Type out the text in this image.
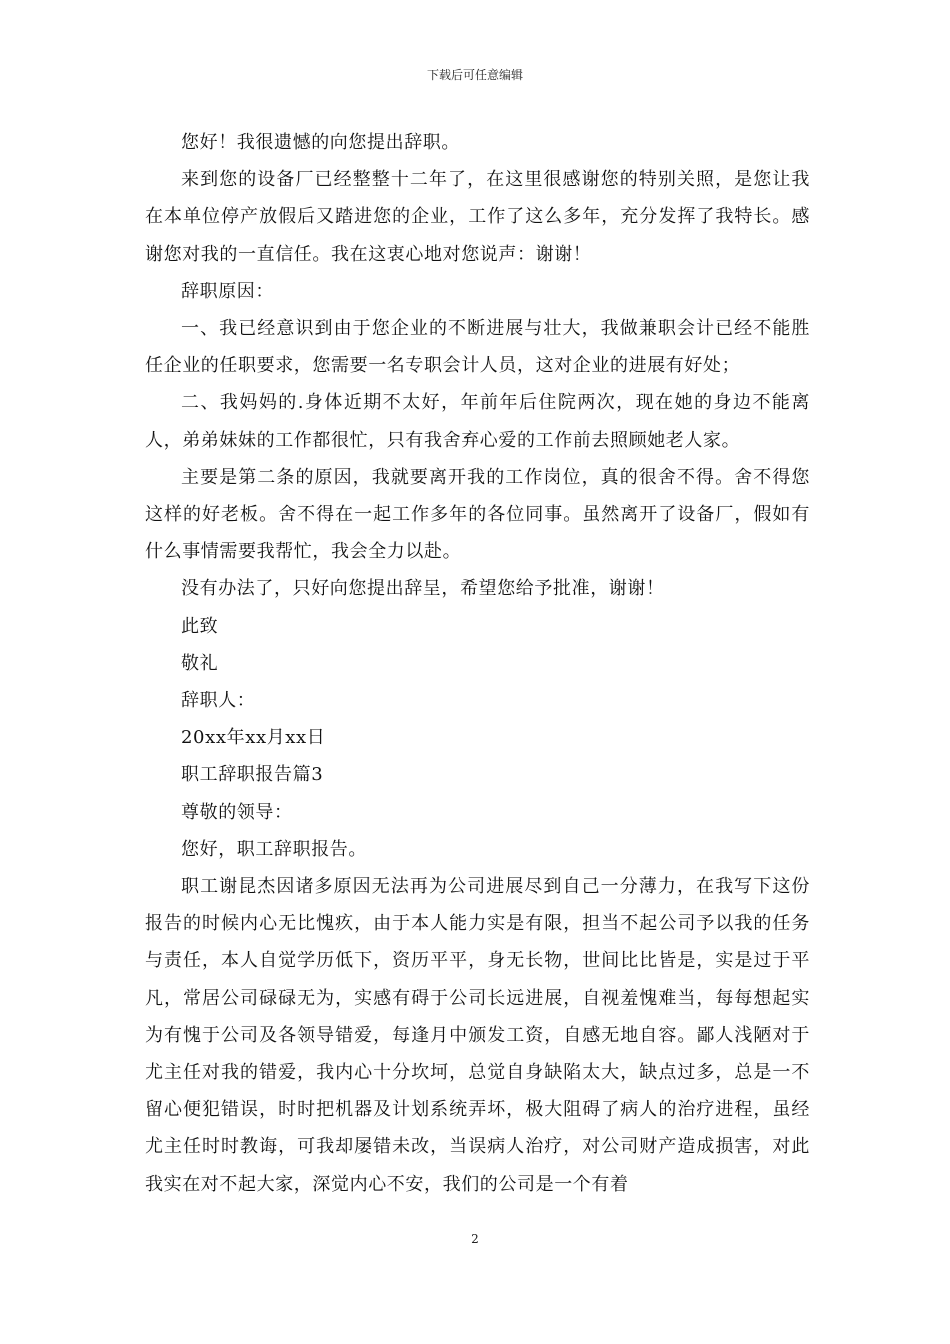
下载后可任意编辑

您好！我很遗憾的向您提出辞职。

来到您的设备厂已经整整十二年了，在这里很感谢您的特别关照，是您让我在本单位停产放假后又踏进您的企业，工作了这么多年，充分发挥了我特长。感谢您对我的一直信任。我在这衷心地对您说声：谢谢！

辞职原因：

一、我已经意识到由于您企业的不断进展与壮大，我做兼职会计已经不能胜任企业的任职要求，您需要一名专职会计人员，这对企业的进展有好处；

二、我妈妈的.身体近期不太好，年前年后住院两次，现在她的身边不能离人，弟弟妹妹的工作都很忙，只有我舍弃心爱的工作前去照顾她老人家。

主要是第二条的原因，我就要离开我的工作岗位，真的很舍不得。舍不得您这样的好老板。舍不得在一起工作多年的各位同事。虽然离开了设备厂，假如有什么事情需要我帮忙，我会全力以赴。

没有办法了，只好向您提出辞呈，希望您给予批准，谢谢！

此致

敬礼

辞职人：

20xx年xx月xx日

职工辞职报告篇3

尊敬的领导：

您好，职工辞职报告。

职工谢昆杰因诸多原因无法再为公司进展尽到自己一分薄力，在我写下这份报告的时候内心无比愧疚，由于本人能力实是有限，担当不起公司予以我的任务与责任，本人自觉学历低下，资历平平，身无长物，世间比比皆是，实是过于平凡，常居公司碌碌无为，实感有碍于公司长远进展，自视羞愧难当，每每想起实为有愧于公司及各领导错爱，每逢月中颁发工资，自感无地自容。鄙人浅陋对于尤主任对我的错爱，我内心十分坎坷，总觉自身缺陷太大，缺点过多，总是一不留心便犯错误，时时把机器及计划系统弄坏，极大阻碍了病人的治疗进程，虽经尤主任时时教诲，可我却屡错未改，当误病人治疗，对公司财产造成损害，对此我实在对不起大家，深觉内心不安，我们的公司是一个有着

2
